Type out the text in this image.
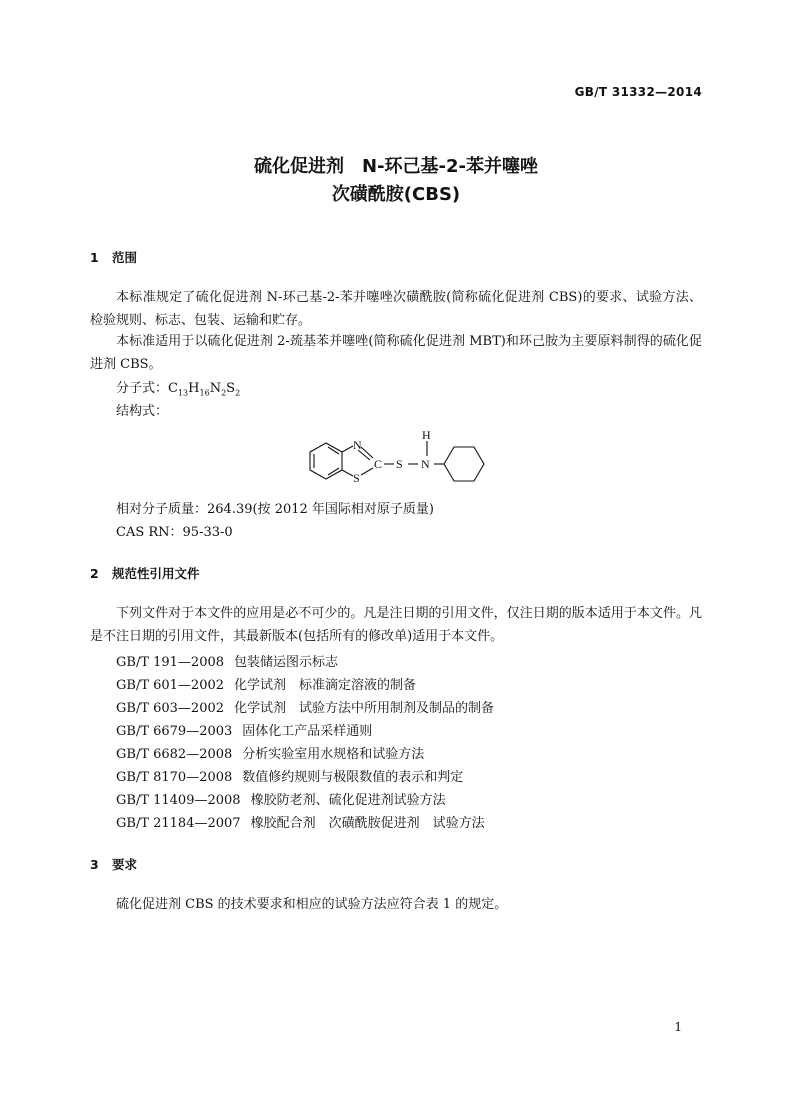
GB/T 31332—2014
硫化促进剂　N-环己基-2-苯并噻唑
次磺酰胺(CBS)
1 范围
本标准规定了硫化促进剂 N-环己基-2-苯并噻唑次磺酰胺(简称硫化促进剂 CBS)的要求、试验方法、检验规则、标志、包装、运输和贮存。
本标准适用于以硫化促进剂 2-巯基苯并噻唑(简称硫化促进剂 MBT)和环己胺为主要原料制得的硫化促进剂 CBS。
分子式：$C_{13}H_{16}N_2S_2$
结构式：
N
S
C S N
H
相对分子质量：264.39(按 2012 年国际相对原子质量)
CAS RN：95-33-0
2 规范性引用文件
下列文件对于本文件的应用是必不可少的。凡是注日期的引用文件，仅注日期的版本适用于本文件。凡是不注日期的引用文件，其最新版本(包括所有的修改单)适用于本文件。
GB/T 191—2008 包装储运图示标志
GB/T 601—2002 化学试剂　标准滴定溶液的制备
GB/T 603—2002 化学试剂　试验方法中所用制剂及制品的制备
GB/T 6679—2003 固体化工产品采样通则
GB/T 6682—2008 分析实验室用水规格和试验方法
GB/T 8170—2008 数值修约规则与极限数值的表示和判定
GB/T 11409—2008 橡胶防老剂、硫化促进剂试验方法
GB/T 21184—2007 橡胶配合剂　次磺酰胺促进剂　试验方法
3 要求
硫化促进剂 CBS 的技术要求和相应的试验方法应符合表 1 的规定。
1
